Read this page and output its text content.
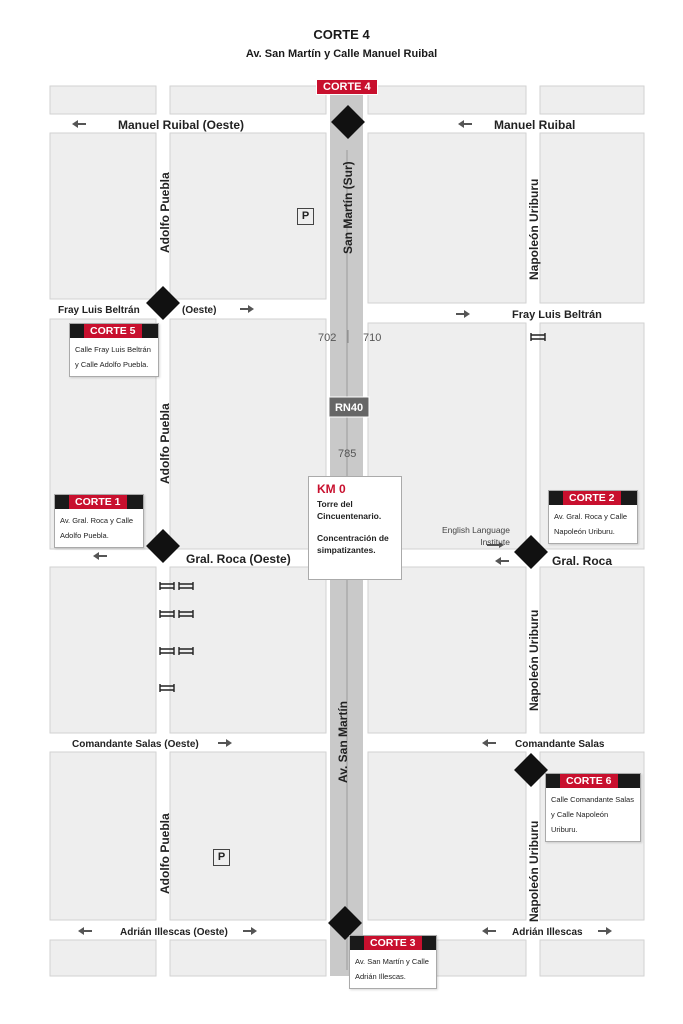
CORTE 4
Av. San Martín y Calle Manuel Ruibal
Manuel Ruibal (Oeste)	Manuel Ruibal
Fray Luis Beltrán	(Oeste)	Fray Luis Beltrán
Gral. Roca (Oeste)	Gral. Roca
Comandante Salas (Oeste)	Comandante Salas
Adrián Illescas (Oeste)	Adrián Illescas
Adolfo Puebla
Adolfo Puebla
Adolfo Puebla
San Martín (Sur)
Av. San Martín
Napoleón Uriburu
Napoleón Uriburu
Napoleón Uriburu
702 710
785
RN40
CORTE 4
P
P
English Language Institute
KM 0
Torre del Cincuentenario.
Concentración de simpatizantes.
CORTE 5
Calle Fray Luis Beltrán y Calle Adolfo Puebla.
CORTE 1
Av. Gral. Roca y Calle Adolfo Puebla.
CORTE 2
Av. Gral. Roca y Calle Napoleón Uriburu.
CORTE 6
Calle Comandante Salas y Calle Napoleón Uriburu.
CORTE 3
Av. San Martín y Calle Adrián Illescas.
